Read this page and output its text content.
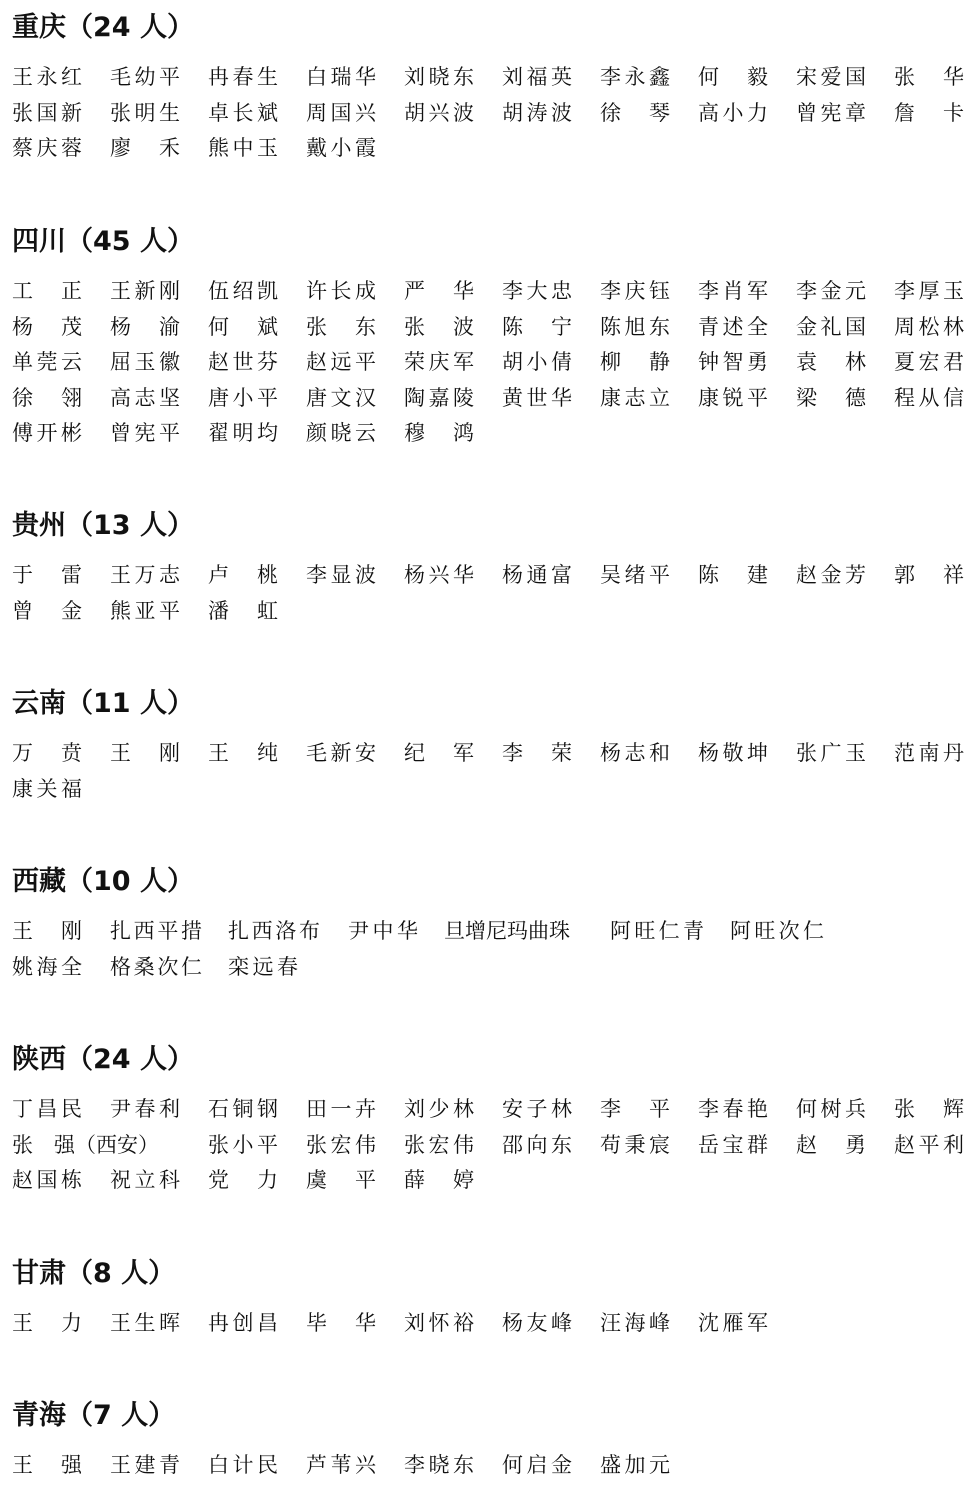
重庆（24 人）
王永红 毛幼平 冉春生 白瑞华 刘晓东 刘福英 李永鑫 何　毅 宋爱国 张　华
张国新 张明生 卓长斌 周国兴 胡兴波 胡涛波 徐　琴 高小力 曾宪章 詹　卡
蔡庆蓉 廖　禾 熊中玉 戴小霞
四川（45 人）
工　正 王新刚 伍绍凯 许长成 严　华 李大忠 李庆钰 李肖军 李金元 李厚玉
杨　茂 杨　渝 何　斌 张　东 张　波 陈　宁 陈旭东 青述全 金礼国 周松林
单莞云 屈玉徽 赵世芬 赵远平 荣庆军 胡小倩 柳　静 钟智勇 袁　林 夏宏君
徐　翎 高志坚 唐小平 唐文汉 陶嘉陵 黄世华 康志立 康锐平 梁　德 程从信
傅开彬 曾宪平 翟明均 颜晓云 穆　鸿
贵州（13 人）
于　雷 王万志 卢　桃 李显波 杨兴华 杨通富 吴绪平 陈　建 赵金芳 郭　祥
曾　金 熊亚平 潘　虹
云南（11 人）
万　贲 王　刚 王　纯 毛新安 纪　军 李　荣 杨志和 杨敬坤 张广玉 范南丹
康关福
西藏（10 人）
王　刚 扎西平措 扎西洛布 尹中华 旦增尼玛曲珠	阿旺仁青 阿旺次仁
姚海全 格桑次仁 栾远春
陕西（24 人）
丁昌民 尹春利 石铜钢 田一卉 刘少林 安子林 李　平 李春艳 何树兵 张　辉
张　强（西安）	张小平 张宏伟 张宏伟 邵向东 苟秉宸 岳宝群 赵　勇 赵平利
赵国栋 祝立科 党　力 虞　平 薛　婷
甘肃（8 人）
王　力 王生晖 冉创昌 毕　华 刘怀裕 杨友峰 汪海峰 沈雁军
青海（7 人）
王　强 王建青 白计民 芦苇兴 李晓东 何启金 盛加元
